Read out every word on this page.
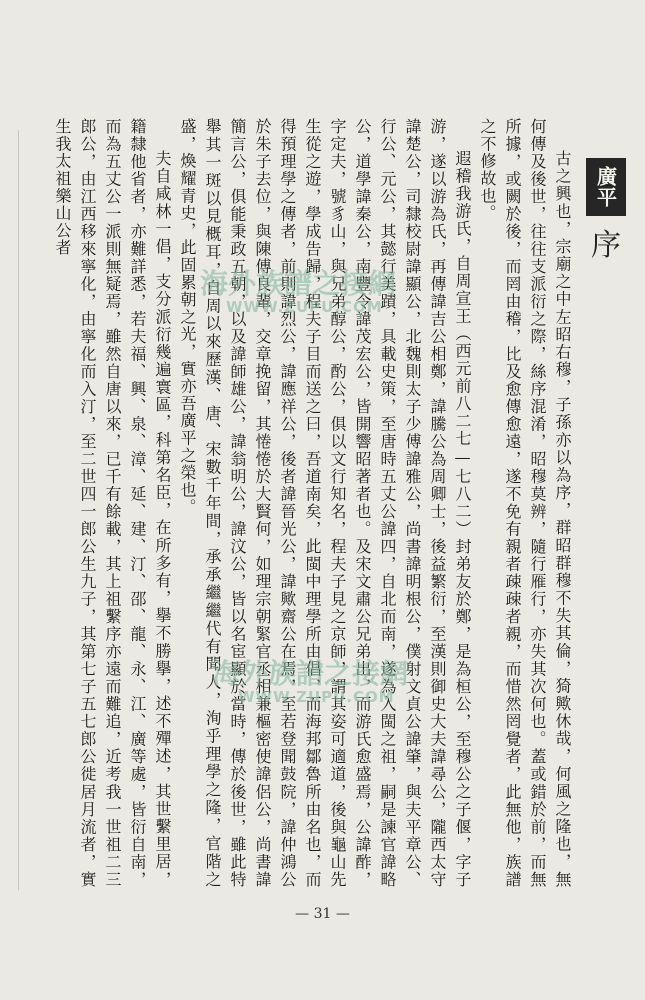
廣平
序

古之興也，宗廟之中左昭右穆，子孫亦以為序，群昭群穆不失其倫，猗歟休哉，何風之隆也，無何傳及後世，往往支派衍之際，絲序混淆，昭穆莫辨，隨行雁行，亦失其次何也。蓋或錯於前，而無所據，或闕於後，而罔由稽，比及愈傳愈遠，遂不免有親者疎疎者親，而惜然罔覺者，此無他，族譜之不修故也。

遐稽我游氏，自周宣王（西元前八二七—七八二）封弟友於鄭，是為桓公，至穆公之子偃，字子游，遂以游為氏，再傳諱吉公相鄭，諱騰公為周卿士，後益繁衍，至漢則御史大夫諱尋公，隴西太守諱楚公，司隸校尉諱顯公，北魏則太子少傅諱雅公，尚書諱明根公，僕射文貞公諱肇，與夫平章公、行公、元公，其懿行美蹟，具載史策，至唐時五丈公諱四，自北而南，遂為入閩之祖，嗣是諫官諱略公，道學諱秦公，南豐令諱茂宏公，皆開響昭著者也。及宋文肅公兄弟出，而游氏愈盛焉，公諱酢，字定夫，號豸山，與兄弟醇公，酌公，俱以文行知名，程夫子見之京師，謂其姿可適道，後與龜山先生從之遊，學成告歸，程夫子目而送之曰，吾道南矣，此閩中理學所由倡，而海邦鄒魯所由名也，而得預理學之傳者，前則諱烈公，諱應祥公，後者諱晉光公，諱歟齋公在焉，至若登聞鼓院，諱仲鴻公於朱子去位，與陳傅良輩，交章挽留，其惓惓於大賢何，如理宗朝緊官丞相兼樞密使諱侶公，尚書諱簡言公，俱能秉政五朝，以及諱師雄公，諱翁明公，諱汶公，皆以名宦顯於當時，傳於後世，雖此特舉其一斑以見概耳，自周以來歷漢、唐、宋數千年間，承承繼繼代有聞人，洵乎理學之隆，官階之盛，煥耀青史，此固累朝之光，實亦吾廣平之榮也。

夫自咸林一倡，支分派衍幾遍寰區，科第名臣，在所多有，擧不勝擧，述不殫述，其世繫里居，籍隸他省者，亦難詳悉，若夫福、興、泉、漳、延、建、汀、邵、龍、永、江、廣等處，皆衍自南，而為五丈公一派則無疑焉，雖然自唐以來，已千有餘載，其上祖繫序亦遠而難追，近考我一世祖二三郎公，由江西移來寧化，由寧化而入汀，至二世四一郎公生九子，其第七子五七郎公徙居月流者，實生我太祖樂山公者

海外族譜之接網
WWW.ZUPU.COM
海外族譜之接網
WWW.ZUPU.COM
— 31 —
